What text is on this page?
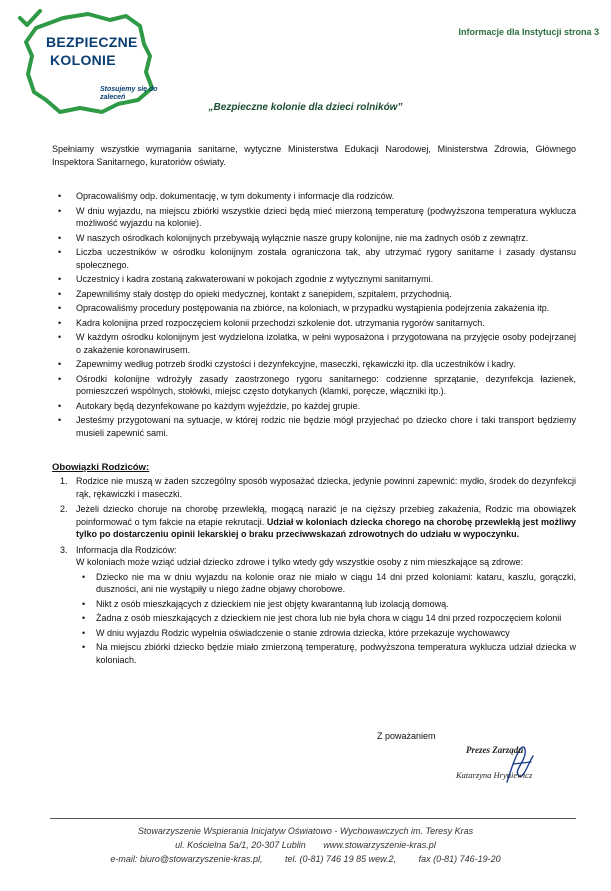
BEZPIECZNE
KOLONIE
Stosujemy się do zaleceń
Informacje dla Instytucji strona 3
„Bezpieczne kolonie dla dzieci rolników”
Spełniamy wszystkie wymagania sanitarne, wytyczne Ministerstwa Edukacji Narodowej, Ministerstwa Zdrowia, Głównego Inspektora Sanitarnego, kuratoriów oświaty.
• Opracowaliśmy odp. dokumentację, w tym dokumenty i informacje dla rodziców.
• W dniu wyjazdu, na miejscu zbiórki wszystkie dzieci będą mieć mierzoną temperaturę (podwyższona temperatura wyklucza możliwość wyjazdu na kolonie).
• W naszych ośrodkach kolonijnych przebywają wyłącznie nasze grupy kolonijne, nie ma żadnych osób z zewnątrz.
• Liczba uczestników w ośrodku kolonijnym została ograniczona tak, aby utrzymać rygory sanitarne i zasady dystansu społecznego.
• Uczestnicy i kadra zostaną zakwaterowani w pokojach zgodnie z wytycznymi sanitarnymi.
• Zapewniliśmy stały dostęp do opieki medycznej, kontakt z sanepidem, szpitalem, przychodnią.
• Opracowaliśmy procedury postępowania na zbiórce, na koloniach, w przypadku wystąpienia podejrzenia zakażenia itp.
• Kadra kolonijna przed rozpoczęciem kolonii przechodzi szkolenie dot. utrzymania rygorów sanitarnych.
• W każdym ośrodku kolonijnym jest wydzielona izolatka, w pełni wyposażona i przygotowana na przyjęcie osoby podejrzanej o zakażenie koronawirusem.
• Zapewnimy według potrzeb środki czystości i dezynfekcyjne, maseczki, rękawiczki itp. dla uczestników i kadry.
• Ośrodki kolonijne wdrożyły zasady zaostrzonego rygoru sanitarnego: codzienne sprzątanie, dezynfekcja łazienek, pomieszczeń wspólnych, stołówki, miejsc często dotykanych (klamki, poręcze, włączniki itp.).
• Autokary będą dezynfekowane po każdym wyjeździe, po każdej grupie.
• Jesteśmy przygotowani na sytuacje, w której rodzic nie będzie mógł przyjechać po dziecko chore i taki transport będziemy musieli zapewnić sami.
Obowiązki Rodziców:
1. Rodzice nie muszą w żaden szczególny sposób wyposażać dziecka, jedynie powinni zapewnić: mydło, środek do dezynfekcji rąk, rękawiczki i maseczki.
2. Jeżeli dziecko choruje na chorobę przewlekłą, mogącą narazić je na cięższy przebieg zakażenia, Rodzic ma obowiązek poinformować o tym fakcie na etapie rekrutacji. Udział w koloniach dziecka chorego na chorobę przewlekłą jest możliwy tylko po dostarczeniu opinii lekarskiej o braku przeciwwskazań zdrowotnych do udziału w wypoczynku.
3. Informacja dla Rodziców:
W koloniach może wziąć udział dziecko zdrowe i tylko wtedy gdy wszystkie osoby z nim mieszkające są zdrowe:
• Dziecko nie ma w dniu wyjazdu na kolonie oraz nie miało w ciągu 14 dni przed koloniami: kataru, kaszlu, gorączki, duszności, ani nie wystąpiły u niego żadne objawy chorobowe.
• Nikt z osób mieszkających z dzieckiem nie jest objęty kwarantanną lub izolacją domową.
• Żadna z osób mieszkających z dzieckiem nie jest chora lub nie była chora w ciągu 14 dni przed rozpoczęciem kolonii
• W dniu wyjazdu Rodzic wypełnia oświadczenie o stanie zdrowia dziecka, które przekazuje wychowawcy
• Na miejscu zbiórki dziecko będzie miało zmierzoną temperaturę, podwyższona temperatura wyklucza udział dziecka w koloniach.
Z poważaniem
Prezes Zarządu
Katarzyna Hryniewicz
Stowarzyszenie Wspierania Inicjatyw Oświatowo - Wychowawczych im. Teresy Kras
ul. Kościelna 5a/1, 20-307 Lublin www.stowarzyszenie-kras.pl
e-mail: biuro@stowarzyszenie-kras.pl,	tel. (0-81) 746 19 85 wew.2,	fax (0-81) 746-19-20
